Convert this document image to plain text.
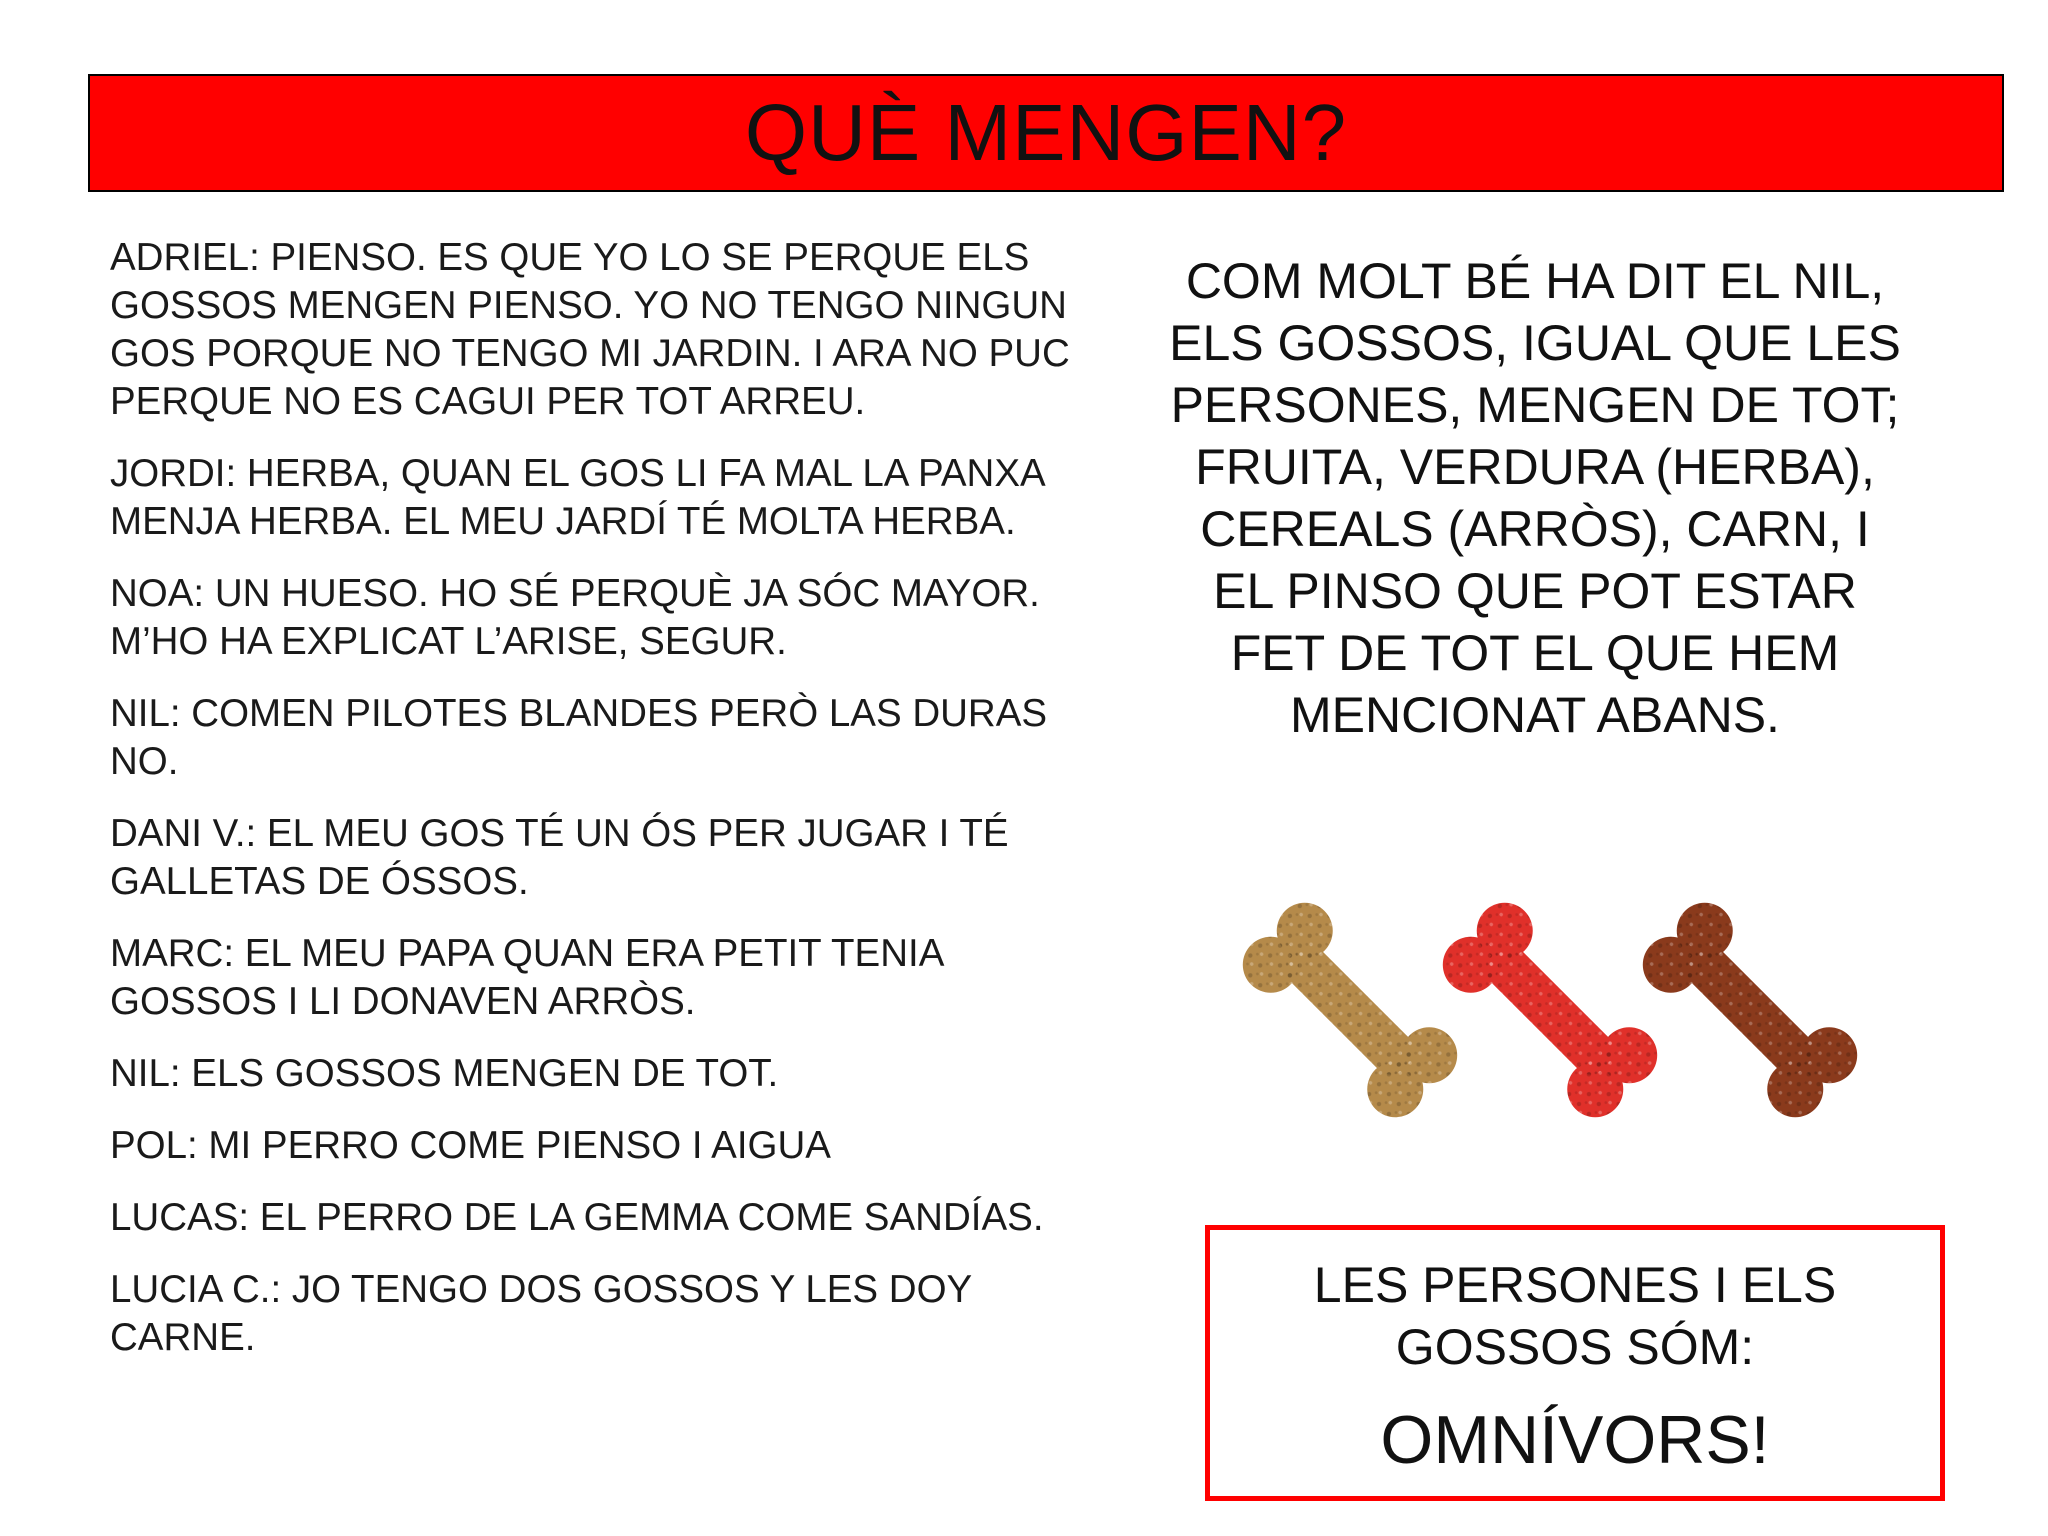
QUÈ MENGEN?

ADRIEL: PIENSO. ES QUE YO LO SE PERQUE ELS GOSSOS MENGEN PIENSO. YO NO TENGO NINGUN GOS PORQUE NO TENGO MI JARDIN. I ARA NO PUC PERQUE NO ES CAGUI PER TOT ARREU.

JORDI: HERBA, QUAN EL GOS LI FA MAL LA PANXA MENJA HERBA. EL MEU JARDÍ TÉ MOLTA HERBA.

NOA: UN HUESO. HO SÉ PERQUÈ JA SÓC MAYOR. M’HO HA EXPLICAT L’ARISE, SEGUR.

NIL: COMEN PILOTES BLANDES PERÒ LAS DURAS NO.

DANI V.: EL MEU GOS TÉ UN ÓS PER JUGAR I TÉ GALLETAS DE ÓSSOS.

MARC: EL MEU PAPA QUAN ERA PETIT TENIA GOSSOS I LI DONAVEN ARRÒS.

NIL: ELS GOSSOS MENGEN DE TOT.

POL: MI PERRO COME PIENSO I AIGUA

LUCAS: EL PERRO DE LA GEMMA COME SANDÍAS.

LUCIA C.: JO TENGO DOS GOSSOS Y LES DOY CARNE.

COM MOLT BÉ HA DIT EL NIL, ELS GOSSOS, IGUAL QUE LES PERSONES, MENGEN DE TOT; FRUITA, VERDURA (HERBA), CEREALS (ARRÒS), CARN, I EL PINSO QUE POT ESTAR FET DE TOT EL QUE HEM MENCIONAT ABANS.
LES PERSONES I ELS GOSSOS SÓM:
OMNÍVORS!
